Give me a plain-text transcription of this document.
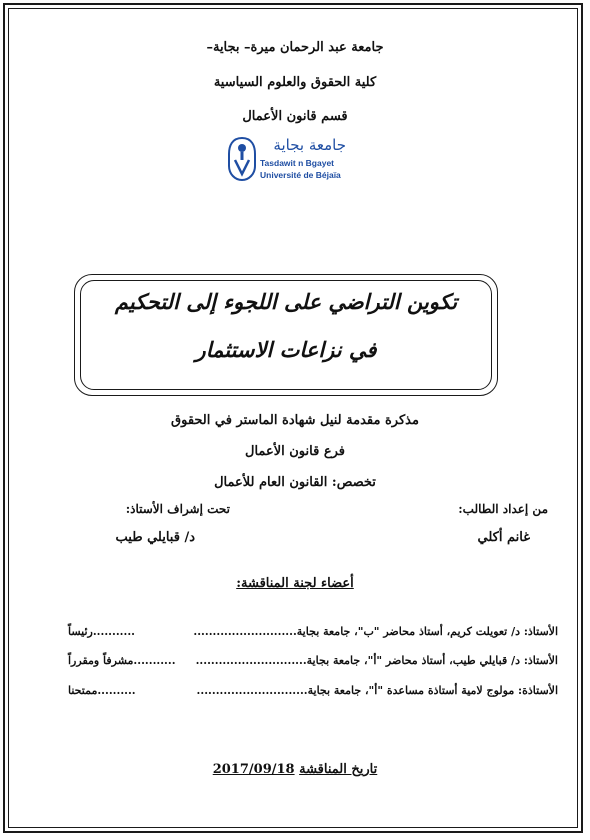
جامعة عبد الرحمان ميرة– بجاية–
كلية الحقوق والعلوم السياسية
قسم قانون الأعمال
جامعة بجاية
Tasdawit n Bgayet
Université de Béjaïa
تكوين التراضي على اللجوء إلى التحكيم
في نزاعات الاستثمار
مذكرة مقدمة لنيل شهادة الماستر في الحقوق
فرع قانون الأعمال
تخصص: القانون العام للأعمال
من إعداد الطالب:
تحت إشراف الأستاذ:
غانم أكلي
د/ قبايلي طيب
أعضاء لجنة المناقشة:
الأستاذ: د/ تعويلت كريم، أستاذ محاضر "ب"، جامعة بجاية...........................
...........رئيساً
الأستاذ: د/ قبايلي طيب، أستاذ محاضر "أ"، جامعة بجاية.............................
...........مشرفاً ومقرراً
الأستاذة: مولوج لامية أستاذة مساعدة "أ"، جامعة بجاية.............................
..........ممتحنا
تاريخ المناقشة 2017/09/18
